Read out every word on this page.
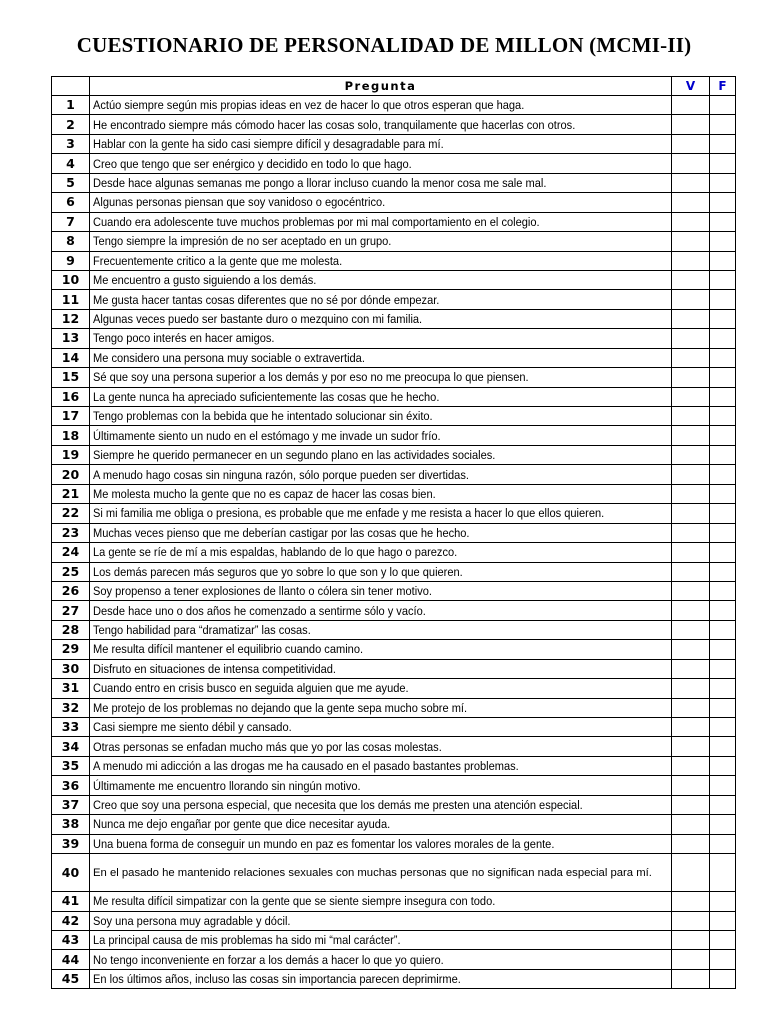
CUESTIONARIO DE PERSONALIDAD DE MILLON (MCMI-II)
	Pregunta	V	F
1	Actúo siempre según mis propias ideas en vez de hacer lo que otros esperan que haga.		
2	He encontrado siempre más cómodo hacer las cosas solo, tranquilamente que hacerlas con otros.		
3	Hablar con la gente ha sido casi siempre difícil y desagradable para mí.		
4	Creo que tengo que ser enérgico y decidido en todo lo que hago.		
5	Desde hace algunas semanas me pongo a llorar incluso cuando la menor cosa me sale mal.		
6	Algunas personas piensan que soy vanidoso o egocéntrico.		
7	Cuando era adolescente tuve muchos problemas por mi mal comportamiento en el colegio.		
8	Tengo siempre la impresión de no ser aceptado en un grupo.		
9	Frecuentemente critico a la gente que me molesta.		
10	Me encuentro a gusto siguiendo a los demás.		
11	Me gusta hacer tantas cosas diferentes que no sé por dónde empezar.		
12	Algunas veces puedo ser bastante duro o mezquino con mi familia.		
13	Tengo poco interés en hacer amigos.		
14	Me considero una persona muy sociable o extravertida.		
15	Sé que soy una persona superior a los demás y por eso no me preocupa lo que piensen.		
16	La gente nunca ha apreciado suficientemente las cosas que he hecho.		
17	Tengo problemas con la bebida que he intentado solucionar sin éxito.		
18	Últimamente siento un nudo en el estómago y me invade un sudor frío.		
19	Siempre he querido permanecer en un segundo plano en las actividades sociales.		
20	A menudo hago cosas sin ninguna razón, sólo porque pueden ser divertidas.		
21	Me molesta mucho la gente que no es capaz de hacer las cosas bien.		
22	Si mi familia me obliga o presiona, es probable que me enfade y me resista a hacer lo que ellos quieren.		
23	Muchas veces pienso que me deberían castigar por las cosas que he hecho.		
24	La gente se ríe de mí a mis espaldas, hablando de lo que hago o parezco.		
25	Los demás parecen más seguros que yo sobre lo que son y lo que quieren.		
26	Soy propenso a tener explosiones de llanto o cólera sin tener motivo.		
27	Desde hace uno o dos años he comenzado a sentirme sólo y vacío.		
28	Tengo habilidad para “dramatizar” las cosas.		
29	Me resulta difícil mantener el equilibrio cuando camino.		
30	Disfruto en situaciones de intensa competitividad.		
31	Cuando entro en crisis busco en seguida alguien que me ayude.		
32	Me protejo de los problemas no dejando que la gente sepa mucho sobre mí.		
33	Casi siempre me siento débil y cansado.		
34	Otras personas se enfadan mucho más que yo por las cosas molestas.		
35	A menudo mi adicción a las drogas me ha causado en el pasado bastantes problemas.		
36	Últimamente me encuentro llorando sin ningún motivo.		
37	Creo que soy una persona especial, que necesita que los demás me presten una atención especial.		
38	Nunca me dejo engañar por gente que dice necesitar ayuda.		
39	Una buena forma de conseguir un mundo en paz es fomentar los valores morales de la gente.		
40	En el pasado he mantenido relaciones sexuales con muchas personas que no significan nada especial para mí.		

41	Me resulta difícil simpatizar con la gente que se siente siempre insegura con todo.		
42	Soy una persona muy agradable y dócil.		
43	La principal causa de mis problemas ha sido mi “mal carácter”.		
44	No tengo inconveniente en forzar a los demás a hacer lo que yo quiero.		
45	En los últimos años, incluso las cosas sin importancia parecen deprimirme.		
